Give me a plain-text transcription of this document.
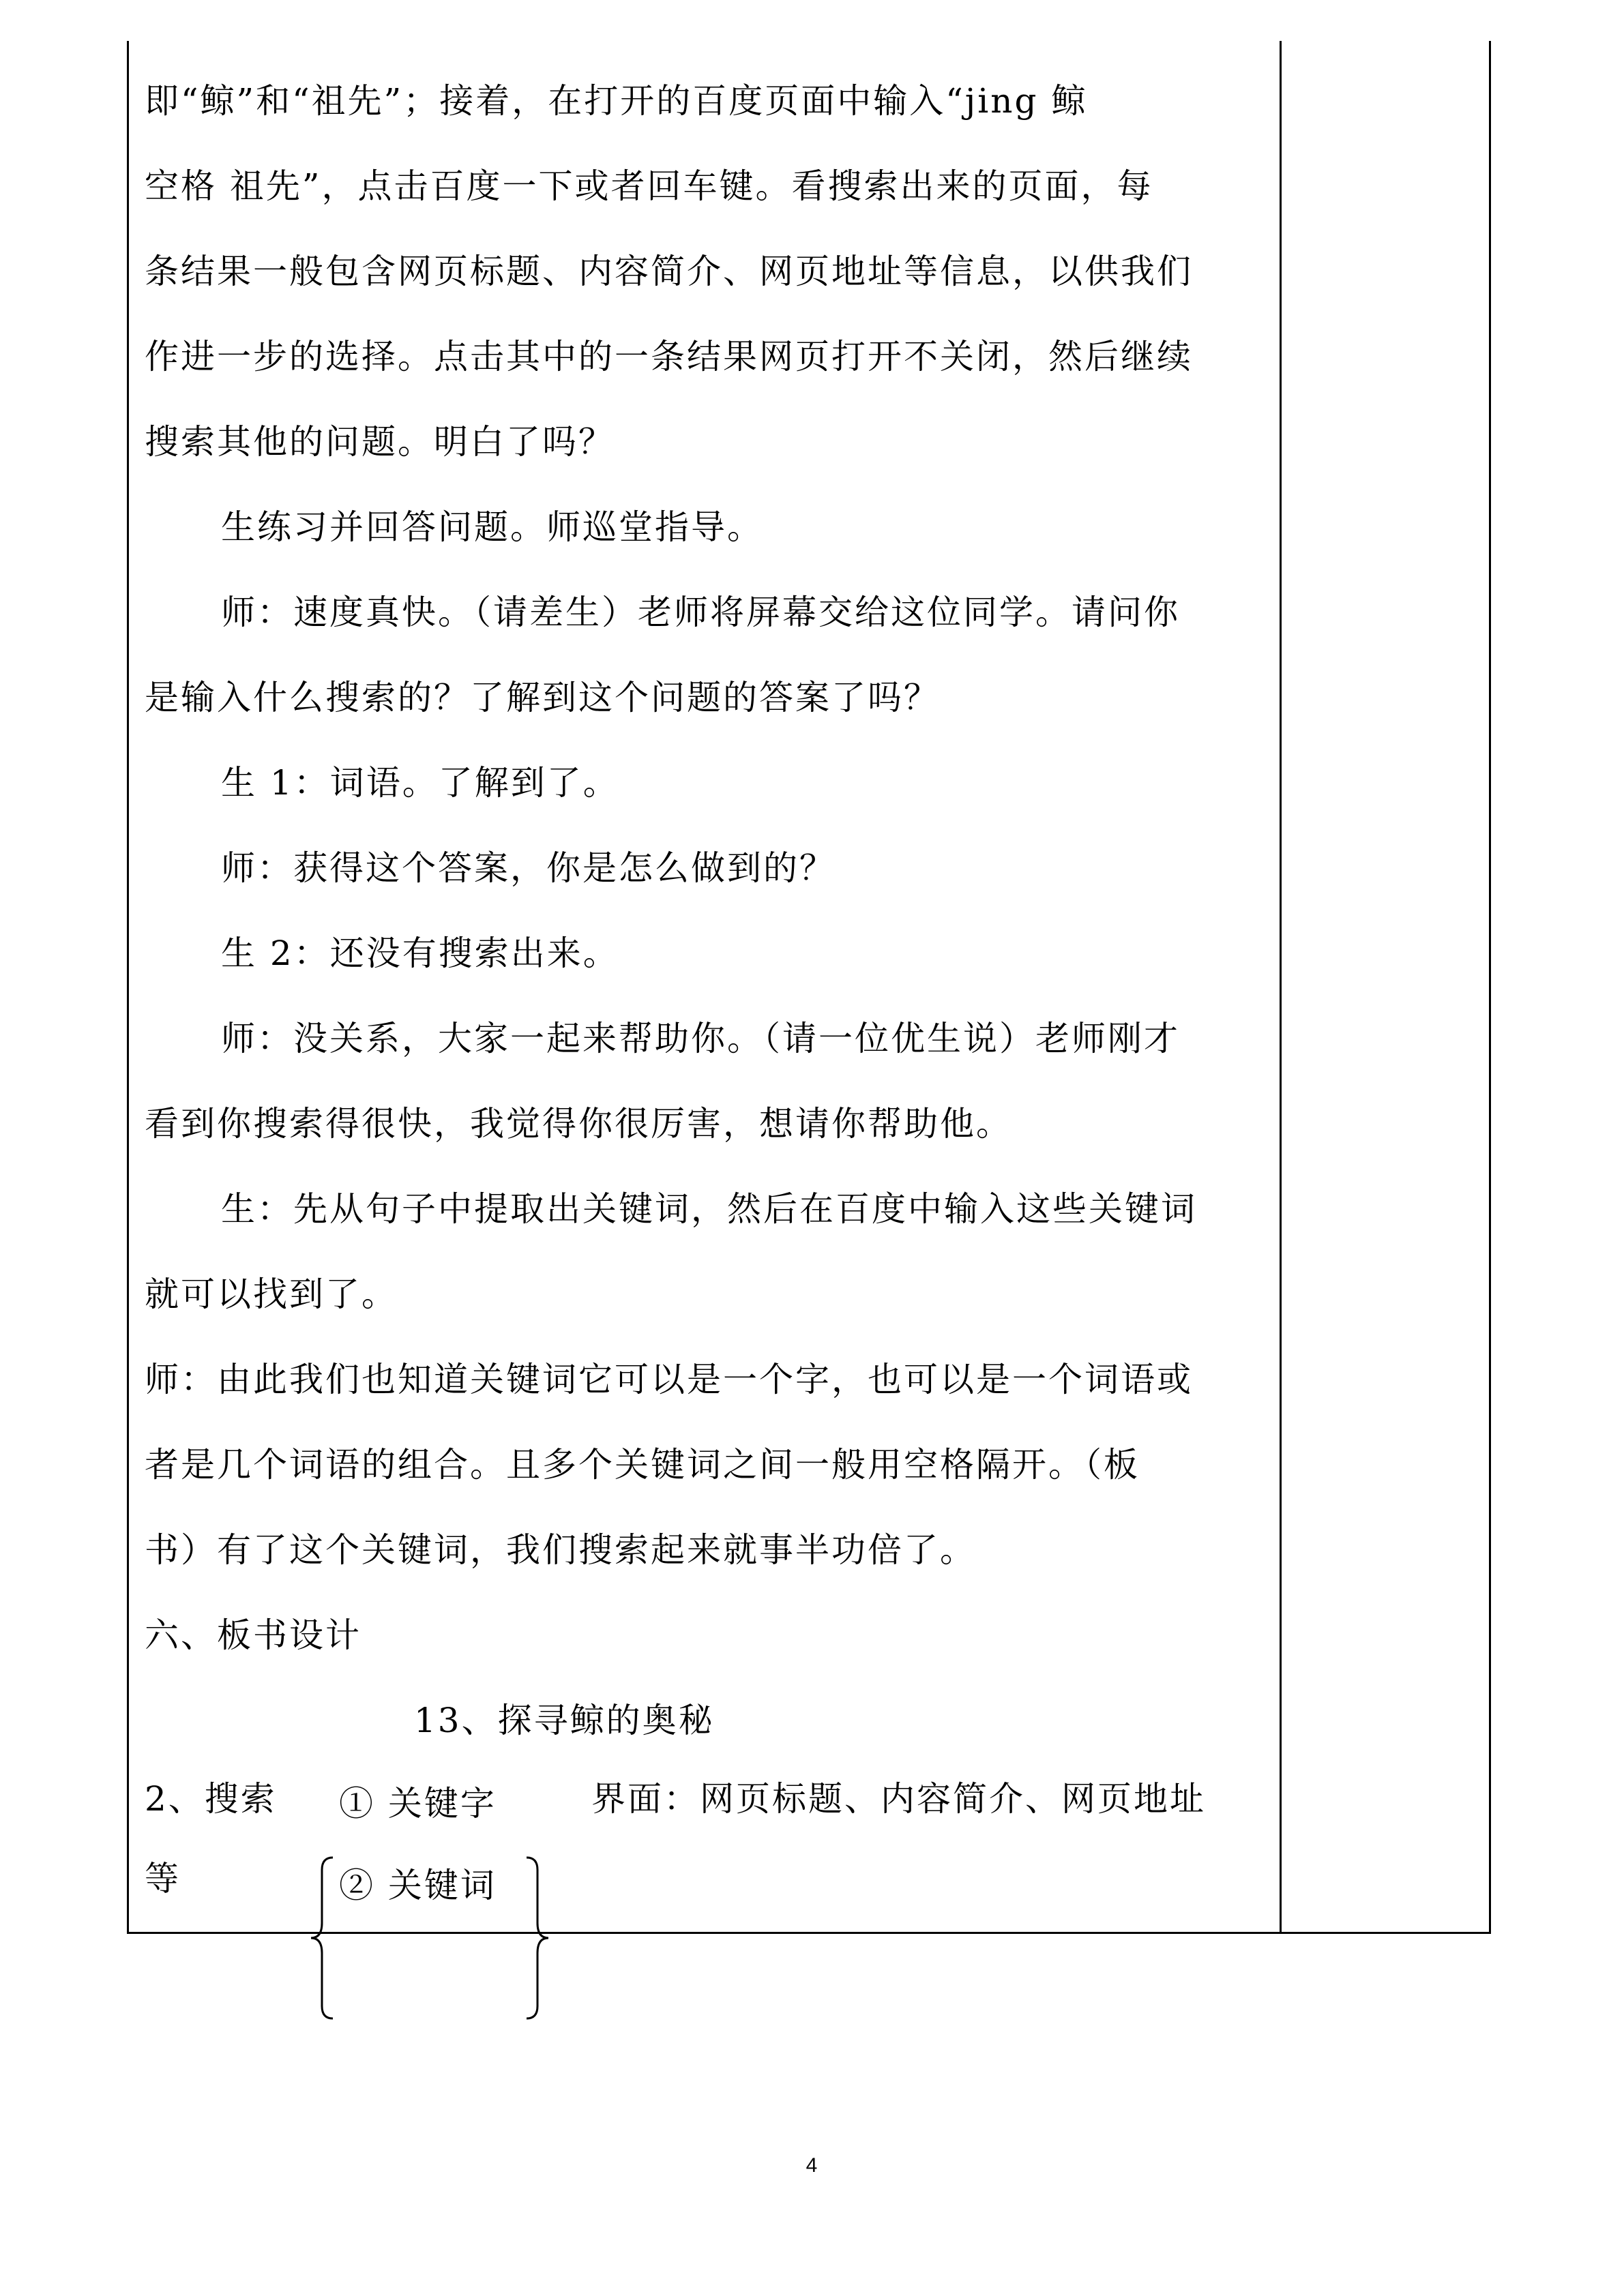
即“鲸”和“祖先”；接着，在打开的百度页面中输入“jing 鲸
空格 祖先”，点击百度一下或者回车键。看搜索出来的页面，每
条结果一般包含网页标题、内容简介、网页地址等信息，以供我们
作进一步的选择。点击其中的一条结果网页打开不关闭，然后继续
搜索其他的问题。明白了吗？
生练习并回答问题。师巡堂指导。
师：速度真快。（请差生）老师将屏幕交给这位同学。请问你
是输入什么搜索的？了解到这个问题的答案了吗？
生 1：词语。了解到了。
师：获得这个答案，你是怎么做到的？
生 2：还没有搜索出来。
师：没关系，大家一起来帮助你。（请一位优生说）老师刚才
看到你搜索得很快，我觉得你很厉害，想请你帮助他。
生：先从句子中提取出关键词，然后在百度中输入这些关键词
就可以找到了。
师：由此我们也知道关键词它可以是一个字，也可以是一个词语或
者是几个词语的组合。且多个关键词之间一般用空格隔开。（板
书）有了这个关键词，我们搜索起来就事半功倍了。
六、板书设计
13、探寻鲸的奥秘
2、搜索
等

① 关键字
② 关键词

界面：网页标题、内容简介、网页地址
4
